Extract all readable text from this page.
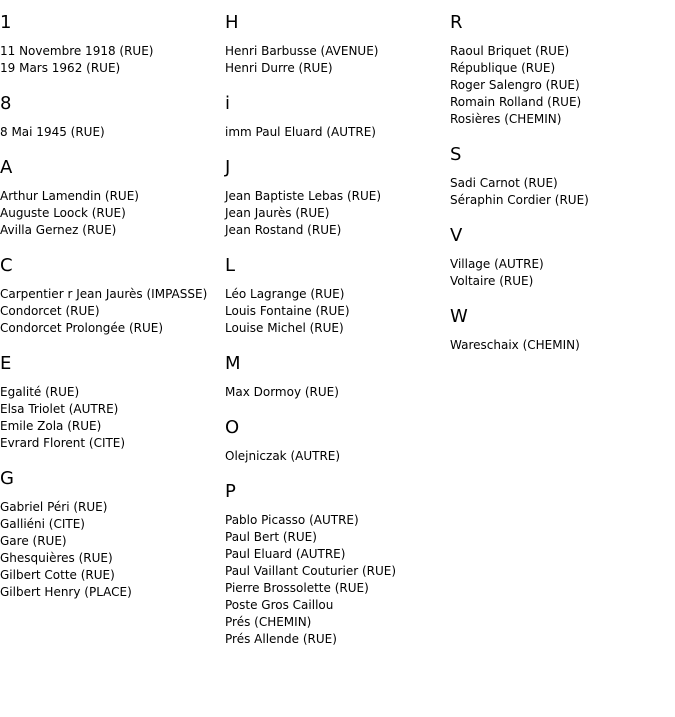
1
11 Novembre 1918 (RUE)
19 Mars 1962 (RUE)
8
8 Mai 1945 (RUE)
A
Arthur Lamendin (RUE)
Auguste Loock (RUE)
Avilla Gernez (RUE)
C
Carpentier r Jean Jaurès (IMPASSE)
Condorcet (RUE)
Condorcet Prolongée (RUE)
E
Egalité (RUE)
Elsa Triolet (AUTRE)
Emile Zola (RUE)
Evrard Florent (CITE)
G
Gabriel Péri (RUE)
Galliéni (CITE)
Gare (RUE)
Ghesquières (RUE)
Gilbert Cotte (RUE)
Gilbert Henry (PLACE)
H
Henri Barbusse (AVENUE)
Henri Durre (RUE)
i
imm Paul Eluard (AUTRE)
J
Jean Baptiste Lebas (RUE)
Jean Jaurès (RUE)
Jean Rostand (RUE)
L
Léo Lagrange (RUE)
Louis Fontaine (RUE)
Louise Michel (RUE)
M
Max Dormoy (RUE)
O
Olejniczak (AUTRE)
P
Pablo Picasso (AUTRE)
Paul Bert (RUE)
Paul Eluard (AUTRE)
Paul Vaillant Couturier (RUE)
Pierre Brossolette (RUE)
Poste Gros Caillou
Prés (CHEMIN)
Prés Allende (RUE)
R
Raoul Briquet (RUE)
République (RUE)
Roger Salengro (RUE)
Romain Rolland (RUE)
Rosières (CHEMIN)
S
Sadi Carnot (RUE)
Séraphin Cordier (RUE)
V
Village (AUTRE)
Voltaire (RUE)
W
Wareschaix (CHEMIN)
